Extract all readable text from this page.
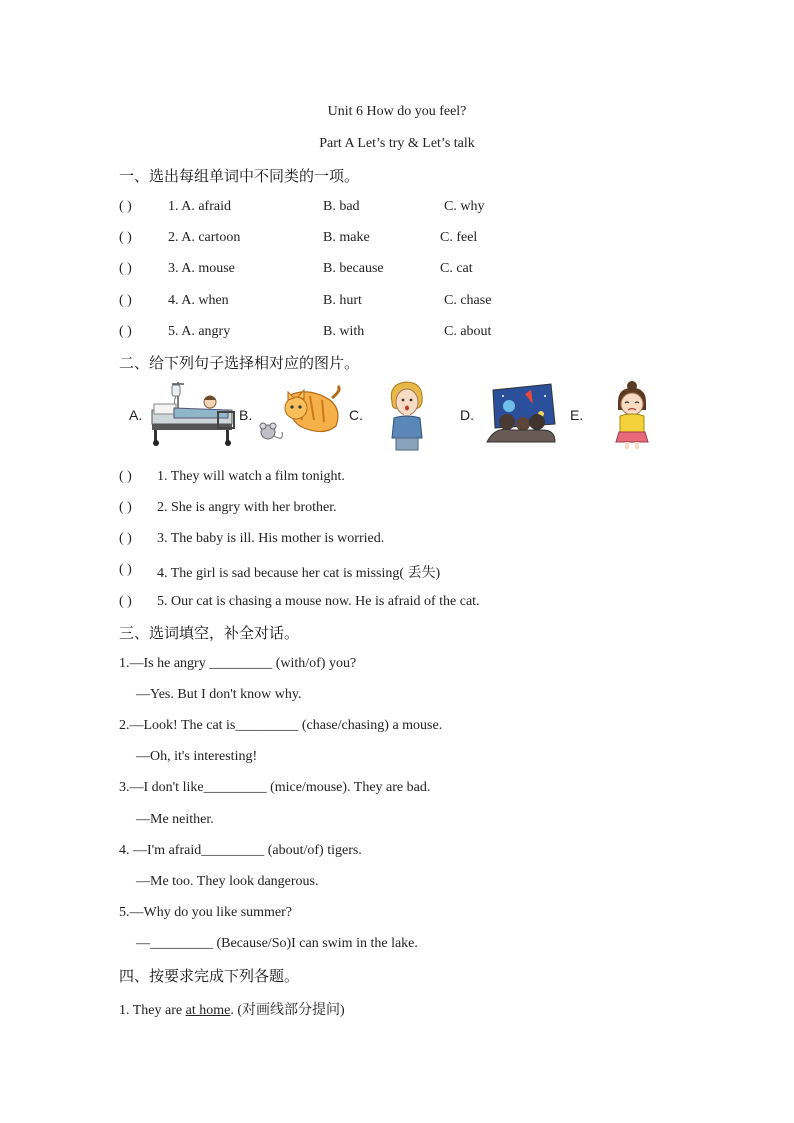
Unit 6 How do you feel?
Part A Let’s try & Let’s talk
一、选出每组单词中不同类的一项。
( )	1. A. afraid	B. bad	C. why
( )	2. A. cartoon	B. make	C. feel
( )	3. A. mouse	B. because	C. cat
( )	4. A. when	B. hurt	C. chase
( )	5. A. angry	B. with	C. about
二、给下列句子选择相对应的图片。
A.	B.	C.	D.	E.
( ) 1. They will watch a film tonight.
( ) 2. She is angry with her brother.
( ) 3. The baby is ill. His mother is worried.
( ) 4. The girl is sad because her cat is missing( 丢失)
( ) 5. Our cat is chasing a mouse now. He is afraid of the cat.
三、选词填空，补全对话。
1.—Is he angry _________ (with/of) you?
—Yes. But I don't know why.
2.—Look! The cat is_________ (chase/chasing) a mouse.
—Oh, it's interesting!
3.—I don't like_________ (mice/mouse). They are bad.
—Me neither.
4. —I'm afraid_________ (about/of) tigers.
—Me too. They look dangerous.
5.—Why do you like summer?
—_________ (Because/So)I can swim in the lake.
四、按要求完成下列各题。
1. They are at home. (对画线部分提问)
